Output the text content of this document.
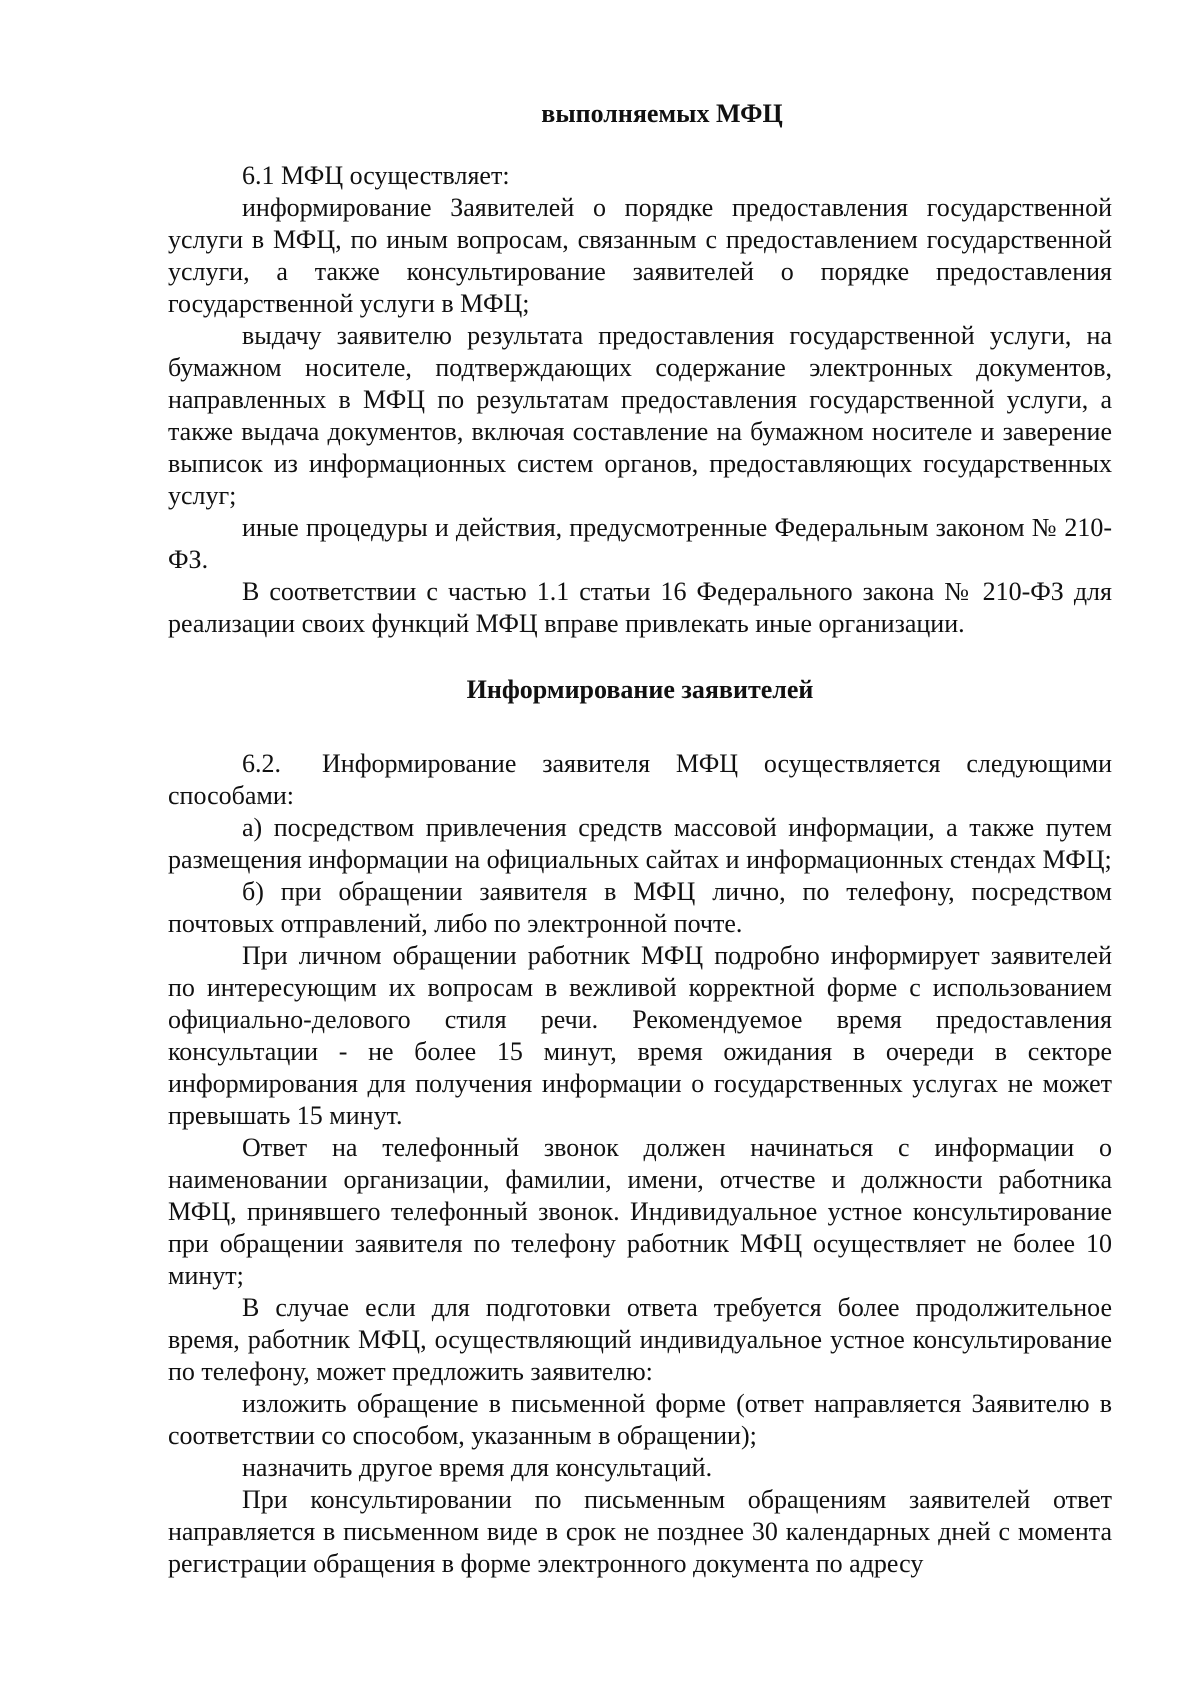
выполняемых МФЦ

6.1 МФЦ осуществляет:

информирование Заявителей о порядке предоставления государственной услуги в МФЦ, по иным вопросам, связанным с предоставлением государственной услуги, а также консультирование заявителей о порядке предоставления государственной услуги в МФЦ;

выдачу заявителю результата предоставления государственной услуги, на бумажном носителе, подтверждающих содержание электронных документов, направленных в МФЦ по результатам предоставления государственной услуги, а также выдача документов, включая составление на бумажном носителе и заверение выписок из информационных систем органов, предоставляющих государственных услуг;

иные процедуры и действия, предусмотренные Федеральным законом № 210-ФЗ.

В соответствии с частью 1.1 статьи 16 Федерального закона № 210-ФЗ для реализации своих функций МФЦ вправе привлекать иные организации.

Информирование заявителей

6.2. Информирование заявителя МФЦ осуществляется следующими способами:

а) посредством привлечения средств массовой информации, а также путем размещения информации на официальных сайтах и информационных стендах МФЦ;

б) при обращении заявителя в МФЦ лично, по телефону, посредством почтовых отправлений, либо по электронной почте.

При личном обращении работник МФЦ подробно информирует заявителей по интересующим их вопросам в вежливой корректной форме с использованием официально-делового стиля речи. Рекомендуемое время предоставления консультации - не более 15 минут, время ожидания в очереди в секторе информирования для получения информации о государственных услугах не может превышать 15 минут.

Ответ на телефонный звонок должен начинаться с информации о наименовании организации, фамилии, имени, отчестве и должности работника МФЦ, принявшего телефонный звонок. Индивидуальное устное консультирование при обращении заявителя по телефону работник МФЦ осуществляет не более 10 минут;

В случае если для подготовки ответа требуется более продолжительное время, работник МФЦ, осуществляющий индивидуальное устное консультирование по телефону, может предложить заявителю:

изложить обращение в письменной форме (ответ направляется Заявителю в соответствии со способом, указанным в обращении);

назначить другое время для консультаций.

При консультировании по письменным обращениям заявителей ответ направляется в письменном виде в срок не позднее 30 календарных дней с момента регистрации обращения в форме электронного документа по адресу
